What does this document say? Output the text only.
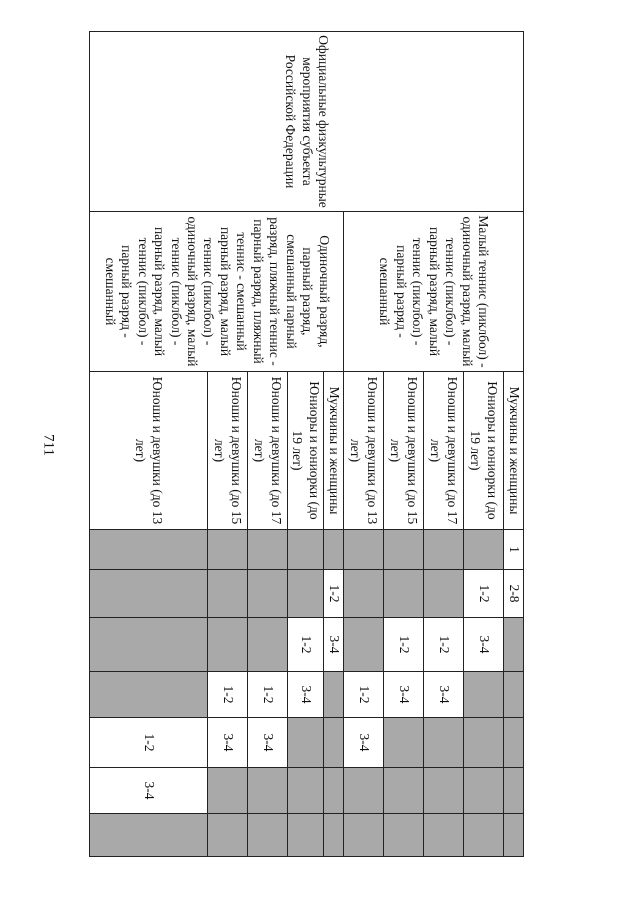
711
Официальные физкультурные мероприятия субъекта Российской Федерации	Малый теннис (пиклбол) - одиночный разряд, малый теннис (пиклбол) - парный разряд, малый теннис (пиклбол) - парный разряд - смешанный	Мужчины и женщины	1	2-8					
		Юниоры и юниорки (до 19 лет)		1-2	3-4				
		Юноши и девушки (до 17 лет)			1-2	3-4			
		Юноши и девушки (до 15 лет)			1-2	3-4			
		Юноши и девушки (до 13 лет)				1-2	3-4		
	Одиночный разряд, парный разряд, смешанный парный разряд, пляжный теннис - парный разряд, пляжный теннис - смешанный парный разряд, малый теннис (пиклбол) - одиночный разряд, малый теннис (пиклбол) - парный разряд, малый теннис (пиклбол) - парный разряд - смешанный	Мужчины и женщины		1-2	3-4				
		Юниоры и юниорки (до 19 лет)			1-2	3-4			
		Юноши и девушки (до 17 лет)				1-2	3-4		
		Юноши и девушки (до 15 лет)				1-2	3-4		
		Юноши и девушки (до 13 лет)					1-2	3-4	
